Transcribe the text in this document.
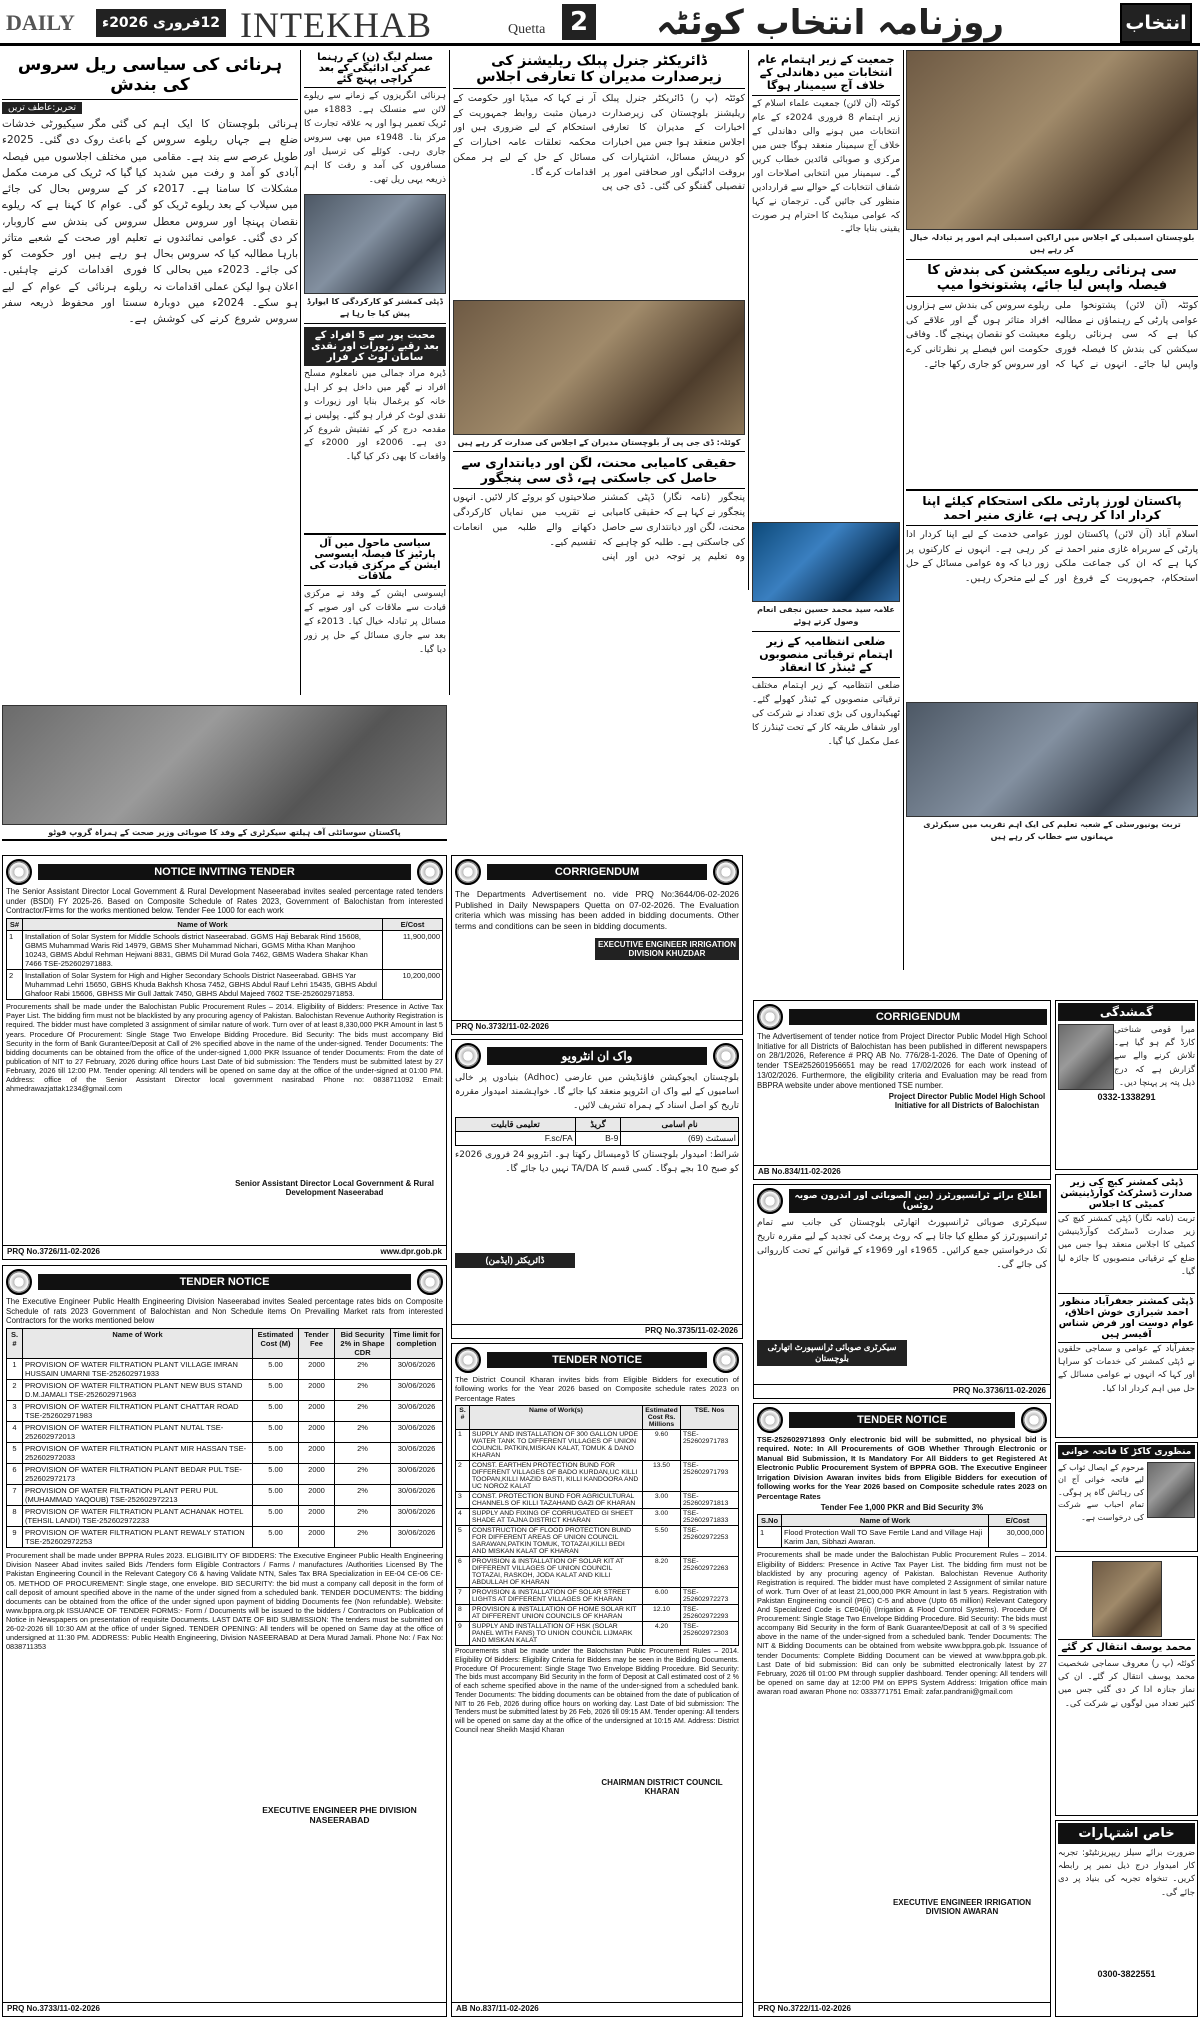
DAILY	12فروری 2026ء INTEKHAB	Quetta 2	روزنامہ انتخاب کوئٹہ	انتخاب
ہرنائی کی سیاسی ریل سروس کی بندش
تحریر:عاطف تریں
ہرنائی بلوچستان کا ایک اہم ضلع ہے جہاں ریلوے سروس طویل عرصے سے بند ہے۔ مقامی آبادی کو آمد و رفت میں شدید مشکلات کا سامنا ہے۔ 2017ء میں سیلاب کے بعد ریلوے ٹریک کو نقصان پہنچا اور سروس معطل کر دی گئی۔ عوامی نمائندوں نے بارہا مطالبہ کیا کہ سروس بحال کی جائے۔ 2023ء میں بحالی کا اعلان ہوا لیکن عملی اقدامات نہ ہو سکے۔ 2024ء میں دوبارہ سروس شروع کرنے کی کوشش کی گئی مگر سیکیورٹی خدشات کے باعث روک دی گئی۔ 2025ء میں مختلف اجلاسوں میں فیصلہ کیا گیا کہ ٹریک کی مرمت مکمل کر کے سروس بحال کی جائے گی۔ عوام کا کہنا ہے کہ ریلوے سروس کی بندش سے کاروبار، تعلیم اور صحت کے شعبے متاثر ہو رہے ہیں اور حکومت کو فوری اقدامات کرنے چاہئیں۔ ریلوے ہرنائی کے عوام کے لیے سستا اور محفوظ ذریعہ سفر ہے۔
مسلم لیگ (ن) کے رہنما عمر کی ادائیگی کے بعد کراچی پہنچ گئے
ہرنائی انگریزوں کے زمانے سے ریلوے لائن سے منسلک ہے۔ 1883ء میں ٹریک تعمیر ہوا اور یہ علاقہ تجارت کا مرکز بنا۔ 1948ء میں بھی سروس جاری رہی۔ کوئلے کی ترسیل اور مسافروں کی آمد و رفت کا اہم ذریعہ یہی ریل تھی۔
ڈپٹی کمشنر کو کارکردگی کا ایوارڈ پیش کیا جا رہا ہے
محبت پور سے 5 افراد کے بعد رقبے زیورات اور نقدی سامان لوٹ کر فرار
ڈیرہ مراد جمالی میں نامعلوم مسلح افراد نے گھر میں داخل ہو کر اہل خانہ کو یرغمال بنایا اور زیورات و نقدی لوٹ کر فرار ہو گئے۔ پولیس نے مقدمہ درج کر کے تفتیش شروع کر دی ہے۔ 2006ء اور 2000ء کے واقعات کا بھی ذکر کیا گیا۔
سیاسی ماحول میں آل پارٹیز کا فیصلہ ایسوسی ایشن کے مرکزی قیادت کی ملاقات
ایسوسی ایشن کے وفد نے مرکزی قیادت سے ملاقات کی اور صوبے کے مسائل پر تبادلہ خیال کیا۔ 2013ء کے بعد سے جاری مسائل کے حل پر زور دیا گیا۔
ڈائریکٹر جنرل پبلک ریلیشنز کی زیرصدارت مدیران کا تعارفی اجلاس
کوئٹہ (پ ر) ڈائریکٹر جنرل پبلک ریلیشنز بلوچستان کی زیرصدارت اخبارات کے مدیران کا تعارفی اجلاس منعقد ہوا جس میں اخبارات کو درپیش مسائل، اشتہارات کی بروقت ادائیگی اور صحافتی امور پر تفصیلی گفتگو کی گئی۔ ڈی جی پی آر نے کہا کہ میڈیا اور حکومت کے درمیان مثبت روابط جمہوریت کے استحکام کے لیے ضروری ہیں اور محکمہ تعلقات عامہ اخبارات کے مسائل کے حل کے لیے ہر ممکن اقدامات کرے گا۔
کوئٹہ: ڈی جی پی آر بلوچستان مدیران کے اجلاس کی صدارت کر رہے ہیں
حقیقی کامیابی محنت، لگن اور دیانتداری سے حاصل کی جاسکتی ہے، ڈی سی پنجگور
پنجگور (نامہ نگار) ڈپٹی کمشنر پنجگور نے کہا ہے کہ حقیقی کامیابی محنت، لگن اور دیانتداری سے حاصل کی جاسکتی ہے۔ طلبہ کو چاہیے کہ وہ تعلیم پر توجہ دیں اور اپنی صلاحیتوں کو بروئے کار لائیں۔ انہوں نے تقریب میں نمایاں کارکردگی دکھانے والے طلبہ میں انعامات تقسیم کیے۔
جمعیت کے زیر اہتمام عام انتخابات میں دھاندلی کے خلاف آج سیمینار ہوگا
کوئٹہ (آن لائن) جمعیت علماء اسلام کے زیر اہتمام 8 فروری 2024ء کے عام انتخابات میں ہونے والی دھاندلی کے خلاف آج سیمینار منعقد ہوگا جس میں مرکزی و صوبائی قائدین خطاب کریں گے۔ سیمینار میں انتخابی اصلاحات اور شفاف انتخابات کے حوالے سے قراردادیں منظور کی جائیں گی۔ ترجمان نے کہا کہ عوامی مینڈیٹ کا احترام ہر صورت یقینی بنایا جائے۔
علامہ سید محمد حسین نجفی انعام وصول کرتے ہوئے
ضلعی انتظامیہ کے زیر اہتمام ترقیاتی منصوبوں کے ٹینڈر کا انعقاد
ضلعی انتظامیہ کے زیر اہتمام مختلف ترقیاتی منصوبوں کے ٹینڈر کھولے گئے۔ ٹھیکیداروں کی بڑی تعداد نے شرکت کی اور شفاف طریقہ کار کے تحت ٹینڈرز کا عمل مکمل کیا گیا۔
بلوچستان اسمبلی کے اجلاس میں اراکین اسمبلی اہم امور پر تبادلہ خیال کر رہے ہیں
سی ہرنائی ریلوے سیکشن کی بندش کا فیصلہ واپس لیا جائے، پشتونخوا میپ
کوئٹہ (آن لائن) پشتونخوا ملی عوامی پارٹی کے رہنماؤں نے مطالبہ کیا ہے کہ سی ہرنائی ریلوے سیکشن کی بندش کا فیصلہ فوری واپس لیا جائے۔ انہوں نے کہا کہ ریلوے سروس کی بندش سے ہزاروں افراد متاثر ہوں گے اور علاقے کی معیشت کو نقصان پہنچے گا۔ وفاقی حکومت اس فیصلے پر نظرثانی کرے اور سروس کو جاری رکھا جائے۔
پاکستان لورز پارٹی ملکی استحکام کیلئے اپنا کردار ادا کر رہی ہے، غازی منیر احمد
اسلام آباد (آن لائن) پاکستان لورز پارٹی کے سربراہ غازی منیر احمد نے کہا ہے کہ ان کی جماعت ملکی استحکام، جمہوریت کے فروغ اور عوامی خدمت کے لیے اپنا کردار ادا کر رہی ہے۔ انہوں نے کارکنوں پر زور دیا کہ وہ عوامی مسائل کے حل کے لیے متحرک رہیں۔
تربت یونیورسٹی کے شعبہ تعلیم کی ایک اہم تقریب میں سیکرٹری مہمانوں سے خطاب کر رہے ہیں
پاکستان سوسائٹی آف ہیلتھ سیکرٹری کے وفد کا صوبائی وزیر صحت کے ہمراہ گروپ فوٹو
NOTICE INVITING TENDER
The Senior Assistant Director Local Government & Rural Development Naseerabad invites sealed percentage rated tenders under (BSDI) FY 2025-26. Based on Composite Schedule of Rates 2023, Government of Balochistan from interested Contractor/Firms for the works mentioned below. Tender Fee 1000 for each work
S#	Name of Work	E/Cost
1	Installation of Solar System for Middle Schools district Naseerabad. GGMS Haji Bebarak Rind 15608, GBMS Muhammad Waris Rid 14979, GBMS Sher Muhammad Nichari, GGMS Mitha Khan Manjhoo 10243, GBMS Abdul Rehman Hejwani 8831, GBMS Dil Murad Gola 7462, GBMS Wadera Shakar Khan 7466 TSE-252602971883.	11,900,000
2	Installation of Solar System for High and Higher Secondary Schools District Naseerabad. GBHS Yar Muhammad Lehri 15650, GBHS Khuda Bakhsh Khosa 7452, GBHS Abdul Rauf Lehri 15435, GBHS Abdul Ghafoor Rabi 15606, GBHSS Mir Gull Jattak 7450, GBHS Abdul Majeed 7602 TSE-252602971853.	10,200,000
Procurements shall be made under the Balochistan Public Procurement Rules – 2014. Eligibility of Bidders: Presence in Active Tax Payer List. The bidding firm must not be blacklisted by any procuring agency of Pakistan. Balochistan Revenue Authority Registration is required. The bidder must have completed 3 assignment of similar nature of work. Turn over of at least 8,330,000 PKR Amount in last 5 years. Procedure Of Procurement: Single Stage Two Envelope Bidding Procedure. Bid Security: The bids must accompany Bid Security in the form of Bank Gurantee/Deposit at Call of 2% specified above in the name of the under-signed. Tender Documents: The bidding documents can be obtained from the office of the under-signed 1,000 PKR Issuance of tender Documents: From the date of publication of NIT to 27 February, 2026 during office hours Last Date of bid submission: The Tenders must be submitted latest by 27 February, 2026 till 12:00 PM. Tender opening: All tenders will be opened on same day at the office of the under-signed at 01:00 PM. Address: office of the Senior Assistant Director local government nasirabad Phone no: 0838711092 Email: ahmedrawazjattak1234@gmail.com
Senior Assistant Director Local Government & Rural Development Naseerabad
PRQ No.3726/11-02-2026	www.dpr.gob.pk
TENDER NOTICE
The Executive Engineer Public Health Engineering Division Naseerabad invites Sealed percentage rates bids on Composite Schedule of rats 2023 Government of Balochistan and Non Schedule items On Prevailing Market rats from interested Contractors for the works mentioned below
S. #	Name of Work	Estimated Cost (M)	Tender Fee	Bid Security 2% in Shape CDR	Time limit for completion
1	PROVISION OF WATER FILTRATION PLANT VILLAGE IMRAN HUSSAIN UMARNI TSE-252602971933	5.00	2000	2%	30/06/2026
2	PROVISION OF WATER FILTRATION PLANT NEW BUS STAND D.M.JAMALI TSE-252602971963	5.00	2000	2%	30/06/2026
3	PROVISION OF WATER FILTRATION PLANT CHATTAR ROAD TSE-252602971983	5.00	2000	2%	30/06/2026
4	PROVISION OF WATER FILTRATION PLANT NUTAL TSE-252602972013	5.00	2000	2%	30/06/2026
5	PROVISION OF WATER FILTRATION PLANT MIR HASSAN TSE-252602972033	5.00	2000	2%	30/06/2026
6	PROVISION OF WATER FILTRATION PLANT BEDAR PUL TSE-252602972173	5.00	2000	2%	30/06/2026
7	PROVISION OF WATER FILTRATION PLANT PERU PUL (MUHAMMAD YAQOUB) TSE-252602972213	5.00	2000	2%	30/06/2026
8	PROVISION OF WATER FILTRATION PLANT ACHANAK HOTEL (TEHSIL LANDI) TSE-252602972233	5.00	2000	2%	30/06/2026
9	PROVISION OF WATER FILTRATION PLANT REWALY STATION TSE-252602972253	5.00	2000	2%	30/06/2026
Procurement shall be made under BPPRA Rules 2023. ELIGIBILITY OF BIDDERS: The Executive Engineer Public Health Engineering Division Naseer Abad invites sailed Bids /Tenders form Eligible Contractors / Farms / manufactures /Authorities Licensed By The Pakistan Engineering Council in the Relevant Category C6 & having Validate NTN, Sales Tax BRA Specialization in EE-04 CE-06 CE-05. METHOD OF PROCUREMENT: Single stage, one envelope. BID SECURITY: the bid must a company call deposit in the form of call deposit of amount specified above in the name of the under signed from a scheduled bank. TENDER DOCUMENTS: The bidding documents can be obtained from the office of the under signed upon payment of bidding Documents fee (Non refundable). Website: www.bppra.org.pk ISSUANCE OF TENDER FORMS:- Form / Documents will be issued to the bidders / Contractors on Publication of Notice in Newspapers on presentation of requisite Documents. LAST DATE OF BID SUBMISSION: The tenders must be submitted on 26-02-2026 till 10:30 AM at the office of under Signed. TENDER OPENING: All tenders will be opened on Same day at the office of undersigned at 11:30 PM. ADDRESS: Public Health Engineering, Division NASEERABAD at Dera Murad Jamali. Phone No: / Fax No: 0838711353
EXECUTIVE ENGINEER PHE DIVISION NASEERABAD
PRQ No.3733/11-02-2026
CORRIGENDUM
The Departments Advertisement no. vide PRQ No:3644/06-02-2026 Published in Daily Newspapers Quetta on 07-02-2026. The Evaluation criteria which was missing has been added in bidding documents. Other terms and conditions can be seen in bidding documents.
EXECUTIVE ENGINEER IRRIGATION DIVISION KHUZDAR
PRQ No.3732/11-02-2026
واک ان انٹرویو
بلوچستان ایجوکیشن فاؤنڈیشن میں عارضی (Adhoc) بنیادوں پر خالی اسامیوں کے لیے واک ان انٹرویو منعقد کیا جائے گا۔ خواہشمند امیدوار مقررہ تاریخ کو اصل اسناد کے ہمراہ تشریف لائیں۔
نام اسامی	گریڈ	تعلیمی قابلیت
اسسٹنٹ (69)	B-9	F.sc/FA
شرائط: امیدوار بلوچستان کا ڈومیسائل رکھتا ہو۔ انٹرویو 24 فروری 2026ء کو صبح 10 بجے ہوگا۔ کسی قسم کا TA/DA نہیں دیا جائے گا۔
ڈائریکٹر (ایڈمن)
PRQ No.3735/11-02-2026
TENDER NOTICE
The District Council Kharan invites bids from Eligible Bidders for execution of following works for the Year 2026 based on Composite schedule rates 2023 on Percentage Rates
S. #	Name of Work(s)	Estimated Cost Rs. Millions	TSE. Nos
1	SUPPLY AND INSTALLATION OF 300 GALLON UPDE WATER TANK TO DIFFERENT VILLAGES OF UNION COUNCIL PATKIN,MISKAN KALAT, TOMUK & DANO KHARAN	9.60	TSE-252602971783
2	CONST. EARTHEN PROTECTION BUND FOR DIFFERENT VILLAGES OF BADO KURDAN,UC KILLI TOOPAN,KILLI MAZID BASTI, KILLI KANDOORA AND UC NOROZ KALAT	13.50	TSE-252602971793
3	CONST. PROTECTION BUND FOR AGRICULTURAL CHANNELS OF KILLI TAZAHAND GAZI OF KHARAN	3.00	TSE-252602971813
4	SUPPLY AND FIXING OF CORRUGATED GI SHEET SHADE AT TAJNA DISTRICT KHARAN	3.00	TSE-252602971833
5	CONSTRUCTION OF FLOOD PROTECTION BUND FOR DIFFERENT AREAS OF UNION COUNCIL SARAWAN,PATKIN TOMUK, TOTAZAI,KILLI BEDI AND MISKAN KALAT OF KHARAN	5.50	TSE-252602972253
6	PROVISION & INSTALLATION OF SOLAR KIT AT DIFFERENT VILLAGES OF UNION COUNCIL TOTAZAI, RASKOH, JODA KALAT AND KILLI ABDULLAH OF KHARAN	8.20	TSE-252602972263
7	PROVISION & INSTALLATION OF SOLAR STREET LIGHTS AT DIFFERENT VILLAGES OF KHARAN	6.00	TSE-252602972273
8	PROVISION & INSTALLATION OF HOME SOLAR KIT AT DIFFERENT UNION COUNCILS OF KHARAN	12.10	TSE-252602972293
9	SUPPLY AND INSTALLATION OF HSK (SOLAR PANEL WITH FANS) TO UNION COUNCIL LIJMARK AND MISKAN KALAT	4.20	TSE-252602972303
Procurements shall be made under the Balochistan Public Procurement Rules – 2014. Eligibility Of Bidders: Eligibility Criteria for Bidders may be seen in the Bidding Documents. Procedure Of Procurement: Single Stage Two Envelope Bidding Procedure. Bid Security: The bids must accompany Bid Security in the form of Deposit at Call estimated cost of 2 % of each scheme specified above in the name of the under-signed from a scheduled bank. Tender Documents: The bidding documents can be obtained from the date of publication of NIT to 26 Feb, 2026 during office hours on working day. Last Date of bid submission: The Tenders must be submitted latest by 26 Feb, 2026 till 09:15 AM. Tender opening: All tenders will be opened on same day at the office of the undersigned at 10:15 AM. Address: District Council near Sheikh Masjid Kharan
CHAIRMAN DISTRICT COUNCIL KHARAN
AB No.837/11-02-2026
CORRIGENDUM
The Advertisement of tender notice from Project Director Public Model High School Initiative for all Districts of Balochistan has been published in different newspapers on 28/1/2026, Reference # PRQ AB No. 776/28-1-2026. The Date of Opening of tender TSE#252601956651 may be read 17/02/2026 for each work instead of 13/02/2026. Furthermore, the eligibility criteria and Evaluation may be read from BBPRA website under above mentioned TSE number.
Project Director Public Model High School Initiative for all Districts of Balochistan
AB No.834/11-02-2026
اطلاع برائے ٹرانسپورٹرز (بین الصوبائی اور اندرون صوبہ روٹس)
سیکرٹری صوبائی ٹرانسپورٹ اتھارٹی بلوچستان کی جانب سے تمام ٹرانسپورٹرز کو مطلع کیا جاتا ہے کہ روٹ پرمٹ کی تجدید کے لیے مقررہ تاریخ تک درخواستیں جمع کرائیں۔ 1965ء اور 1969ء کے قوانین کے تحت کارروائی کی جائے گی۔
سیکرٹری صوبائی ٹرانسپورٹ اتھارٹی بلوچستان
PRQ No.3736/11-02-2026
TENDER NOTICE
TSE-252602971893 Only electronic bid will be submitted, no physical bid is required. Note: In All Procurements of GOB Whether Through Electronic or Manual Bid Submission, It Is Mandatory For All Bidders to get Registered At Electronic Public Procurement System of BPPRA GOB. The Executive Engineer Irrigation Division Awaran invites bids from Eligible Bidders for execution of following works for the Year 2026 based on Composite schedule rates 2023 on Percentage Rates
Tender Fee 1,000 PKR and Bid Security 3%
S.No	Name of Work	E/Cost
1	Flood Protection Wall TO Save Fertile Land and Village Haji Karim Jan, Sibhazi Awaran.	30,000,000
Procurements shall be made under the Balochistan Public Procurement Rules – 2014. Eligibility of Bidders: Presence in Active Tax Payer List. The bidding firm must not be blacklisted by any procuring agency of Pakistan. Balochistan Revenue Authority Registration is required. The bidder must have completed 2 Assignment of similar nature of work. Turn Over of at least 21,000,000 PKR Amount in last 5 years. Registration with Pakistan Engineering council (PEC) C-5 and above (Upto 65 million) Relevant Category And Specialized Code is CE04(ii) (Irrigation & Flood Control Systems). Procedure Of Procurement: Single Stage Two Envelope Bidding Procedure. Bid Security: The bids must accompany Bid Security in the form of Bank Guarantee/Deposit at call of 3 % specified above in the name of the under-signed from a scheduled bank. Tender Documents: The NIT & Bidding Documents can be obtained from website www.bppra.gob.pk. Issuance of tender Documents: Complete Bidding Document can be viewed at www.bppra.gob.pk. Last Date of bid submission: Bid can only be submitted electronically latest by 27 February, 2026 till 01:00 PM through supplier dashboard. Tender opening: All tenders will be opened on same day at 12:00 PM on EPPS System Address: Irrigation office main awaran road awaran Phone no: 0333771751 Email: zafar.pandrani@gmail.com
EXECUTIVE ENGINEER IRRIGATION DIVISION AWARAN
PRQ No.3722/11-02-2026
گمشدگی
میرا قومی شناختی کارڈ گم ہو گیا ہے۔ تلاش کرنے والے سے گزارش ہے کہ درج ذیل پتہ پر پہنچا دیں۔
0332-1338291
ڈپٹی کمشنر کیچ کی زیر صدارت ڈسٹرکٹ کوآرڈینیشن کمیٹی کا اجلاس
تربت (نامہ نگار) ڈپٹی کمشنر کیچ کی زیر صدارت ڈسٹرکٹ کوآرڈینیشن کمیٹی کا اجلاس منعقد ہوا جس میں ضلع کے ترقیاتی منصوبوں کا جائزہ لیا گیا۔
ڈپٹی کمشنر جعفرآباد منظور احمد شیرازی خوش اخلاق، عوام دوست اور فرض شناس آفیسر ہیں
جعفرآباد کے عوامی و سماجی حلقوں نے ڈپٹی کمشنر کی خدمات کو سراہا اور کہا کہ انہوں نے عوامی مسائل کے حل میں اہم کردار ادا کیا۔
منظوری کاکڑ کا فاتحہ خوانی
مرحوم کے ایصال ثواب کے لیے فاتحہ خوانی آج ان کی رہائش گاہ پر ہوگی۔ تمام احباب سے شرکت کی درخواست ہے۔
محمد یوسف انتقال کر گئے
کوئٹہ (پ ر) معروف سماجی شخصیت محمد یوسف انتقال کر گئے۔ ان کی نماز جنازہ ادا کر دی گئی جس میں کثیر تعداد میں لوگوں نے شرکت کی۔
خاص اشتہارات
ضرورت برائے سیلز ریپریزنٹیٹو: تجربہ کار امیدوار درج ذیل نمبر پر رابطہ کریں۔ تنخواہ تجربہ کی بنیاد پر دی جائے گی۔
0300-3822551
